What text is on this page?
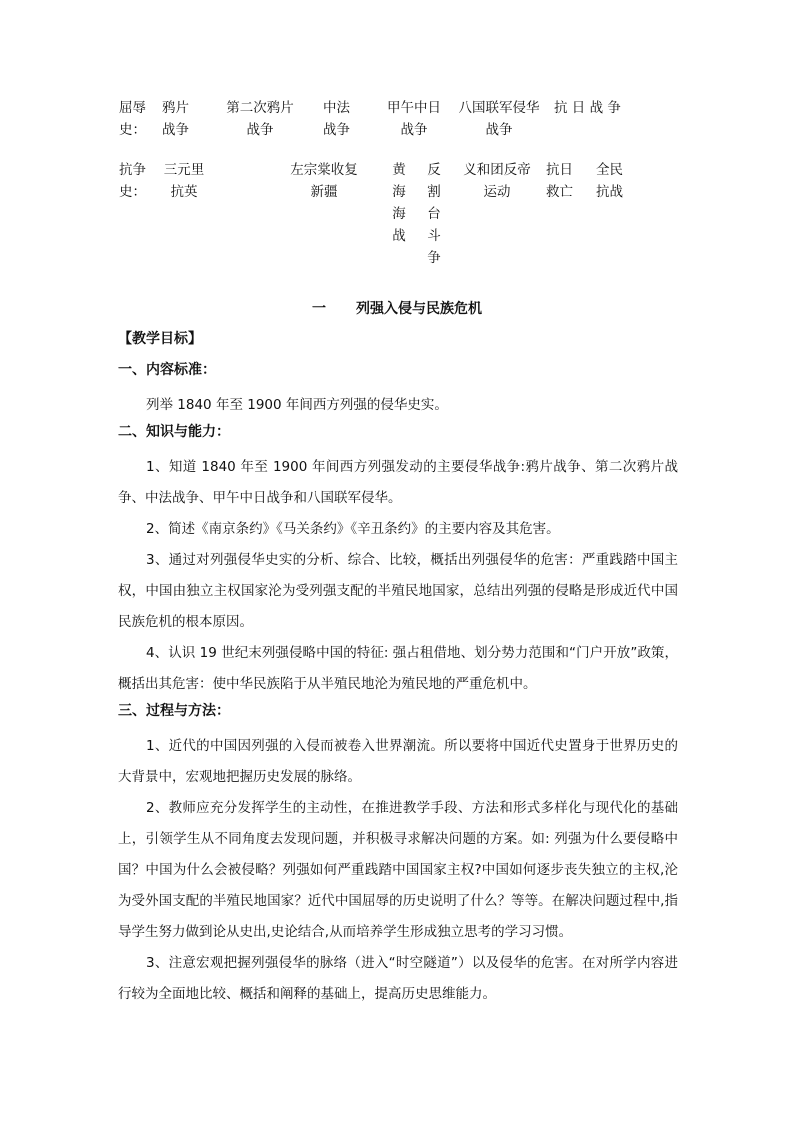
屈辱
史：
鸦片
战争
第二次鸦片
战争
中法
战争
甲午中日
战争
八国联军侵华
战争
抗 日 战 争
抗争
史：
三元里
抗英
左宗棠收复
新疆
黄
海
海
战
反
割
台
斗
争
义和团反帝
运动
抗日
救亡
全民
抗战
一 列强入侵与民族危机
【教学目标】
一、内容标准：

列举 1840 年至 1900 年间西方列强的侵华史实。

二、知识与能力：

1、知道 1840 年至 1900 年间西方列强发动的主要侵华战争:鸦片战争、第二次鸦片战争、中法战争、甲午中日战争和八国联军侵华。

2、简述《南京条约》《马关条约》《辛丑条约》的主要内容及其危害。

3、通过对列强侵华史实的分析、综合、比较，概括出列强侵华的危害：严重践踏中国主权，中国由独立主权国家沦为受列强支配的半殖民地国家，总结出列强的侵略是形成近代中国民族危机的根本原因。

4、认识 19 世纪末列强侵略中国的特征: 强占租借地、划分势力范围和“门户开放”政策，概括出其危害：使中华民族陷于从半殖民地沦为殖民地的严重危机中。

三、过程与方法：

1、近代的中国因列强的入侵而被卷入世界潮流。所以要将中国近代史置身于世界历史的大背景中，宏观地把握历史发展的脉络。

2、教师应充分发挥学生的主动性，在推进教学手段、方法和形式多样化与现代化的基础上，引领学生从不同角度去发现问题，并积极寻求解决问题的方案。如: 列强为什么要侵略中国？中国为什么会被侵略？列强如何严重践踏中国国家主权?中国如何逐步丧失独立的主权,沦为受外国支配的半殖民地国家？近代中国屈辱的历史说明了什么？等等。在解决问题过程中,指导学生努力做到论从史出,史论结合,从而培养学生形成独立思考的学习习惯。

3、注意宏观把握列强侵华的脉络（进入“时空隧道”）以及侵华的危害。在对所学内容进行较为全面地比较、概括和阐释的基础上，提高历史思维能力。
